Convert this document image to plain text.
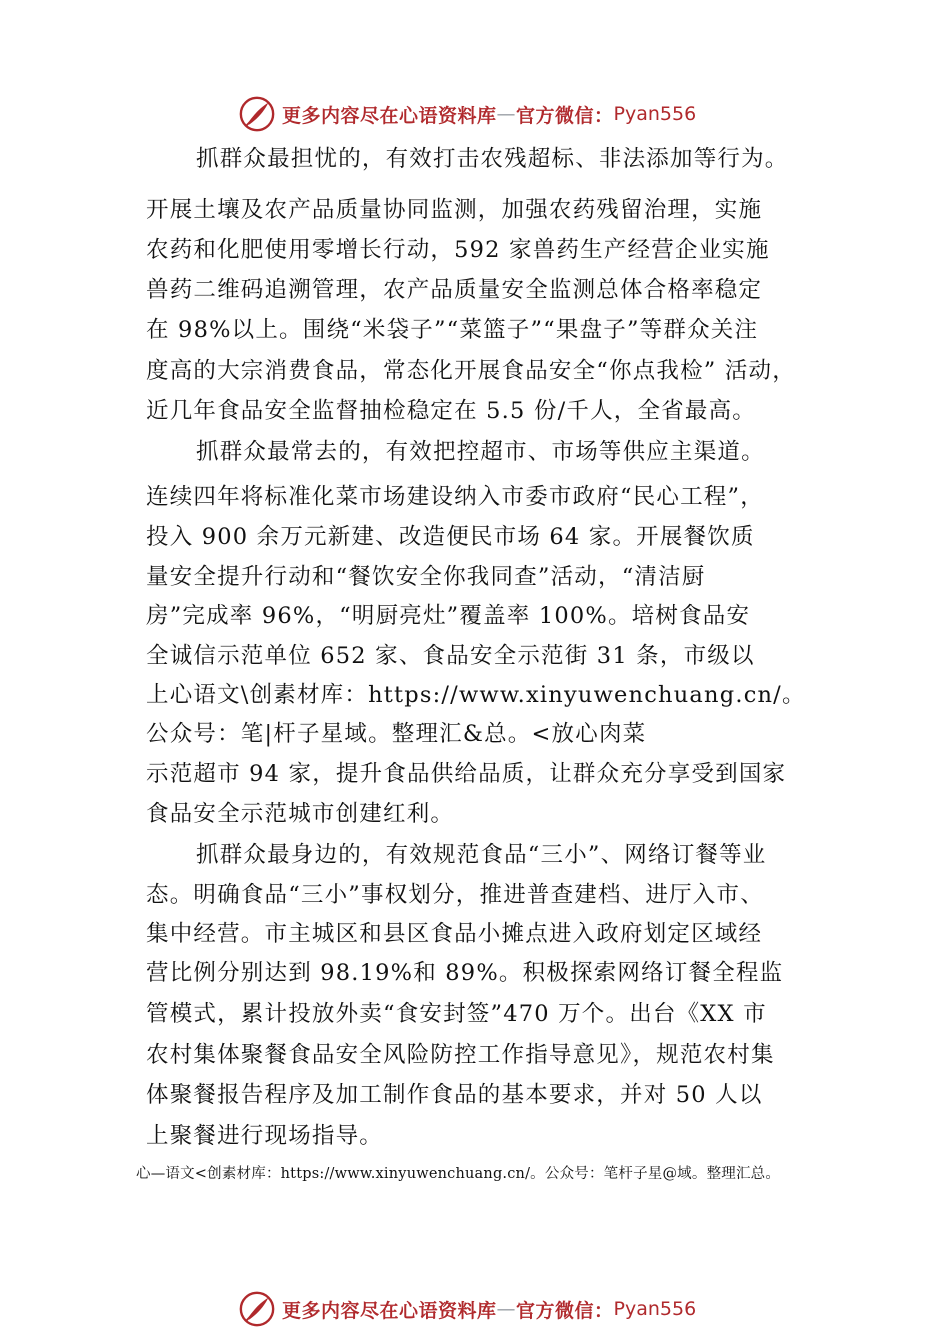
更多内容尽在心语资料库 — 官方微信： Pyan556
抓群众最担忧的，有效打击农残超标、非法添加等行为。
开展土壤及农产品质量协同监测，加强农药残留治理，实施
农药和化肥使用零增长行动，592 家兽药生产经营企业实施
兽药二维码追溯管理，农产品质量安全监测总体合格率稳定
在 98%以上。围绕“米袋子”“菜篮子”“果盘子”等群众关注
度高的大宗消费食品，常态化开展食品安全“你点我检” 活动，
近几年食品安全监督抽检稳定在 5.5 份/千人，全省最高。
抓群众最常去的，有效把控超市、市场等供应主渠道。
连续四年将标准化菜市场建设纳入市委市政府“民心工程”，
投入 900 余万元新建、改造便民市场 64 家。开展餐饮质
量安全提升行动和“餐饮安全你我同查”活动，“清洁厨
房”完成率 96%，“明厨亮灶”覆盖率 100%。培树食品安
全诚信示范单位 652 家、食品安全示范街 31 条，市级以
上心语文\创素材库：https://www.xinyuwenchuang.cn/。
公众号：笔|杆子星域。整理汇&总。<放心肉菜
示范超市 94 家，提升食品供给品质，让群众充分享受到国家
食品安全示范城市创建红利。
抓群众最身边的，有效规范食品“三小”、网络订餐等业
态。明确食品“三小”事权划分，推进普查建档、进厅入市、
集中经营。市主城区和县区食品小摊点进入政府划定区域经
营比例分别达到 98.19%和 89%。积极探索网络订餐全程监
管模式，累计投放外卖“食安封签”470 万个。出台《XX 市
农村集体聚餐食品安全风险防控工作指导意见》，规范农村集
体聚餐报告程序及加工制作食品的基本要求，并对 50 人以
上聚餐进行现场指导。
心—语文<创素材库：https://www.xinyuwenchuang.cn/。公众号：笔杆子星@域。整理汇总。
更多内容尽在心语资料库 — 官方微信： Pyan556
